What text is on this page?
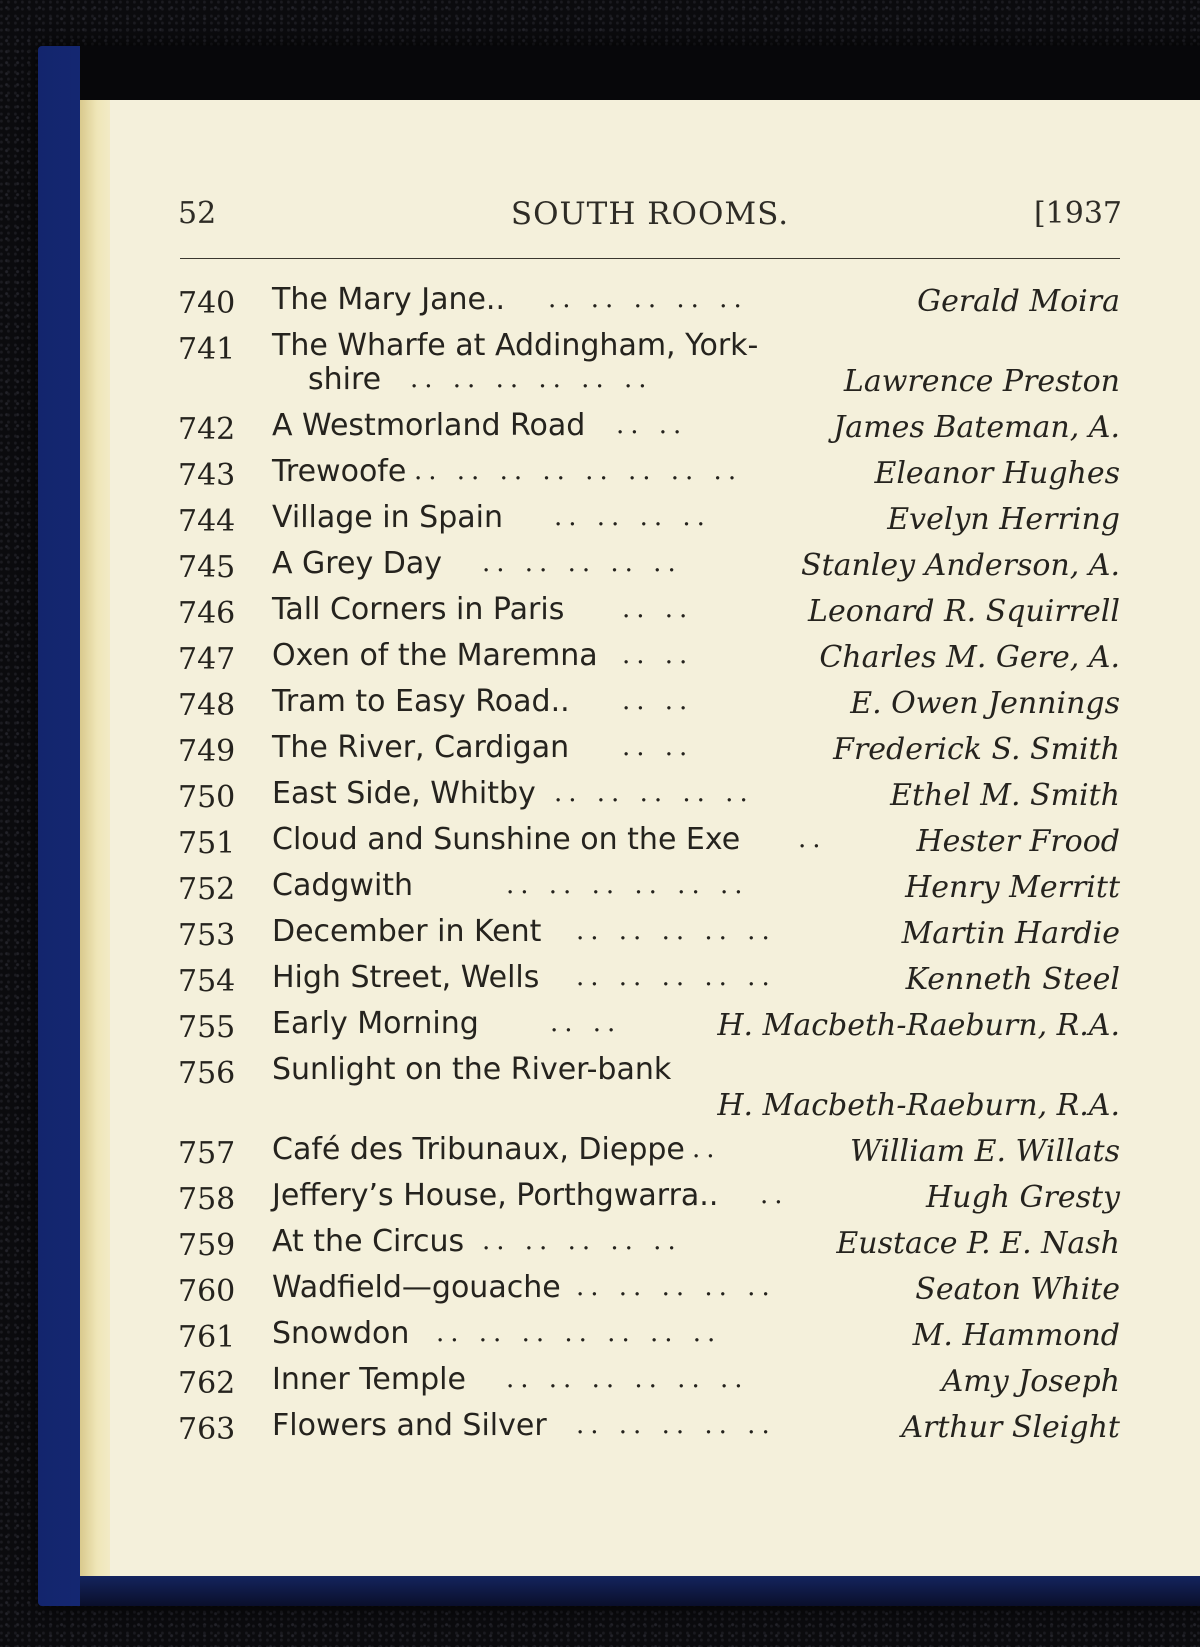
52	SOUTH ROOMS.	[1937
740 The Mary Jane.. .. .. .. .. ..	Gerald Moira
741 The Wharfe at Addingham, York-
shire .. .. .. .. .. ..	Lawrence Preston
742 A Westmorland Road .. ..	James Bateman, A.
743 Trewoofe .. .. .. .. .. .. .. ..	Eleanor Hughes
744 Village in Spain .. .. .. ..	Evelyn Herring
745 A Grey Day .. .. .. .. ..	Stanley Anderson, A.
746 Tall Corners in Paris .. ..	Leonard R. Squirrell
747 Oxen of the Maremna .. ..	Charles M. Gere, A.
748 Tram to Easy Road.. .. ..	E. Owen Jennings
749 The River, Cardigan .. ..	Frederick S. Smith
750 East Side, Whitby .. .. .. .. ..	Ethel M. Smith
751 Cloud and Sunshine on the Exe ..	Hester Frood
752 Cadgwith	.. .. .. .. .. ..	Henry Merritt
753 December in Kent .. .. .. .. ..	Martin Hardie
754 High Street, Wells .. .. .. .. ..	Kenneth Steel
755 Early Morning	.. ..	H. Macbeth-Raeburn, R.A.
756 Sunlight on the River-bank
H. Macbeth-Raeburn, R.A.
757 Café des Tribunaux, Dieppe ..	William E. Willats
758 Jeffery’s House, Porthgwarra.. ..	Hugh Gresty
759 At the Circus .. .. .. .. ..	Eustace P. E. Nash
760 Wadfield—gouache .. .. .. .. ..	Seaton White
761 Snowdon .. .. .. .. .. .. ..	M. Hammond
762 Inner Temple .. .. .. .. .. ..	Amy Joseph
763 Flowers and Silver .. .. .. .. ..	Arthur Sleight
